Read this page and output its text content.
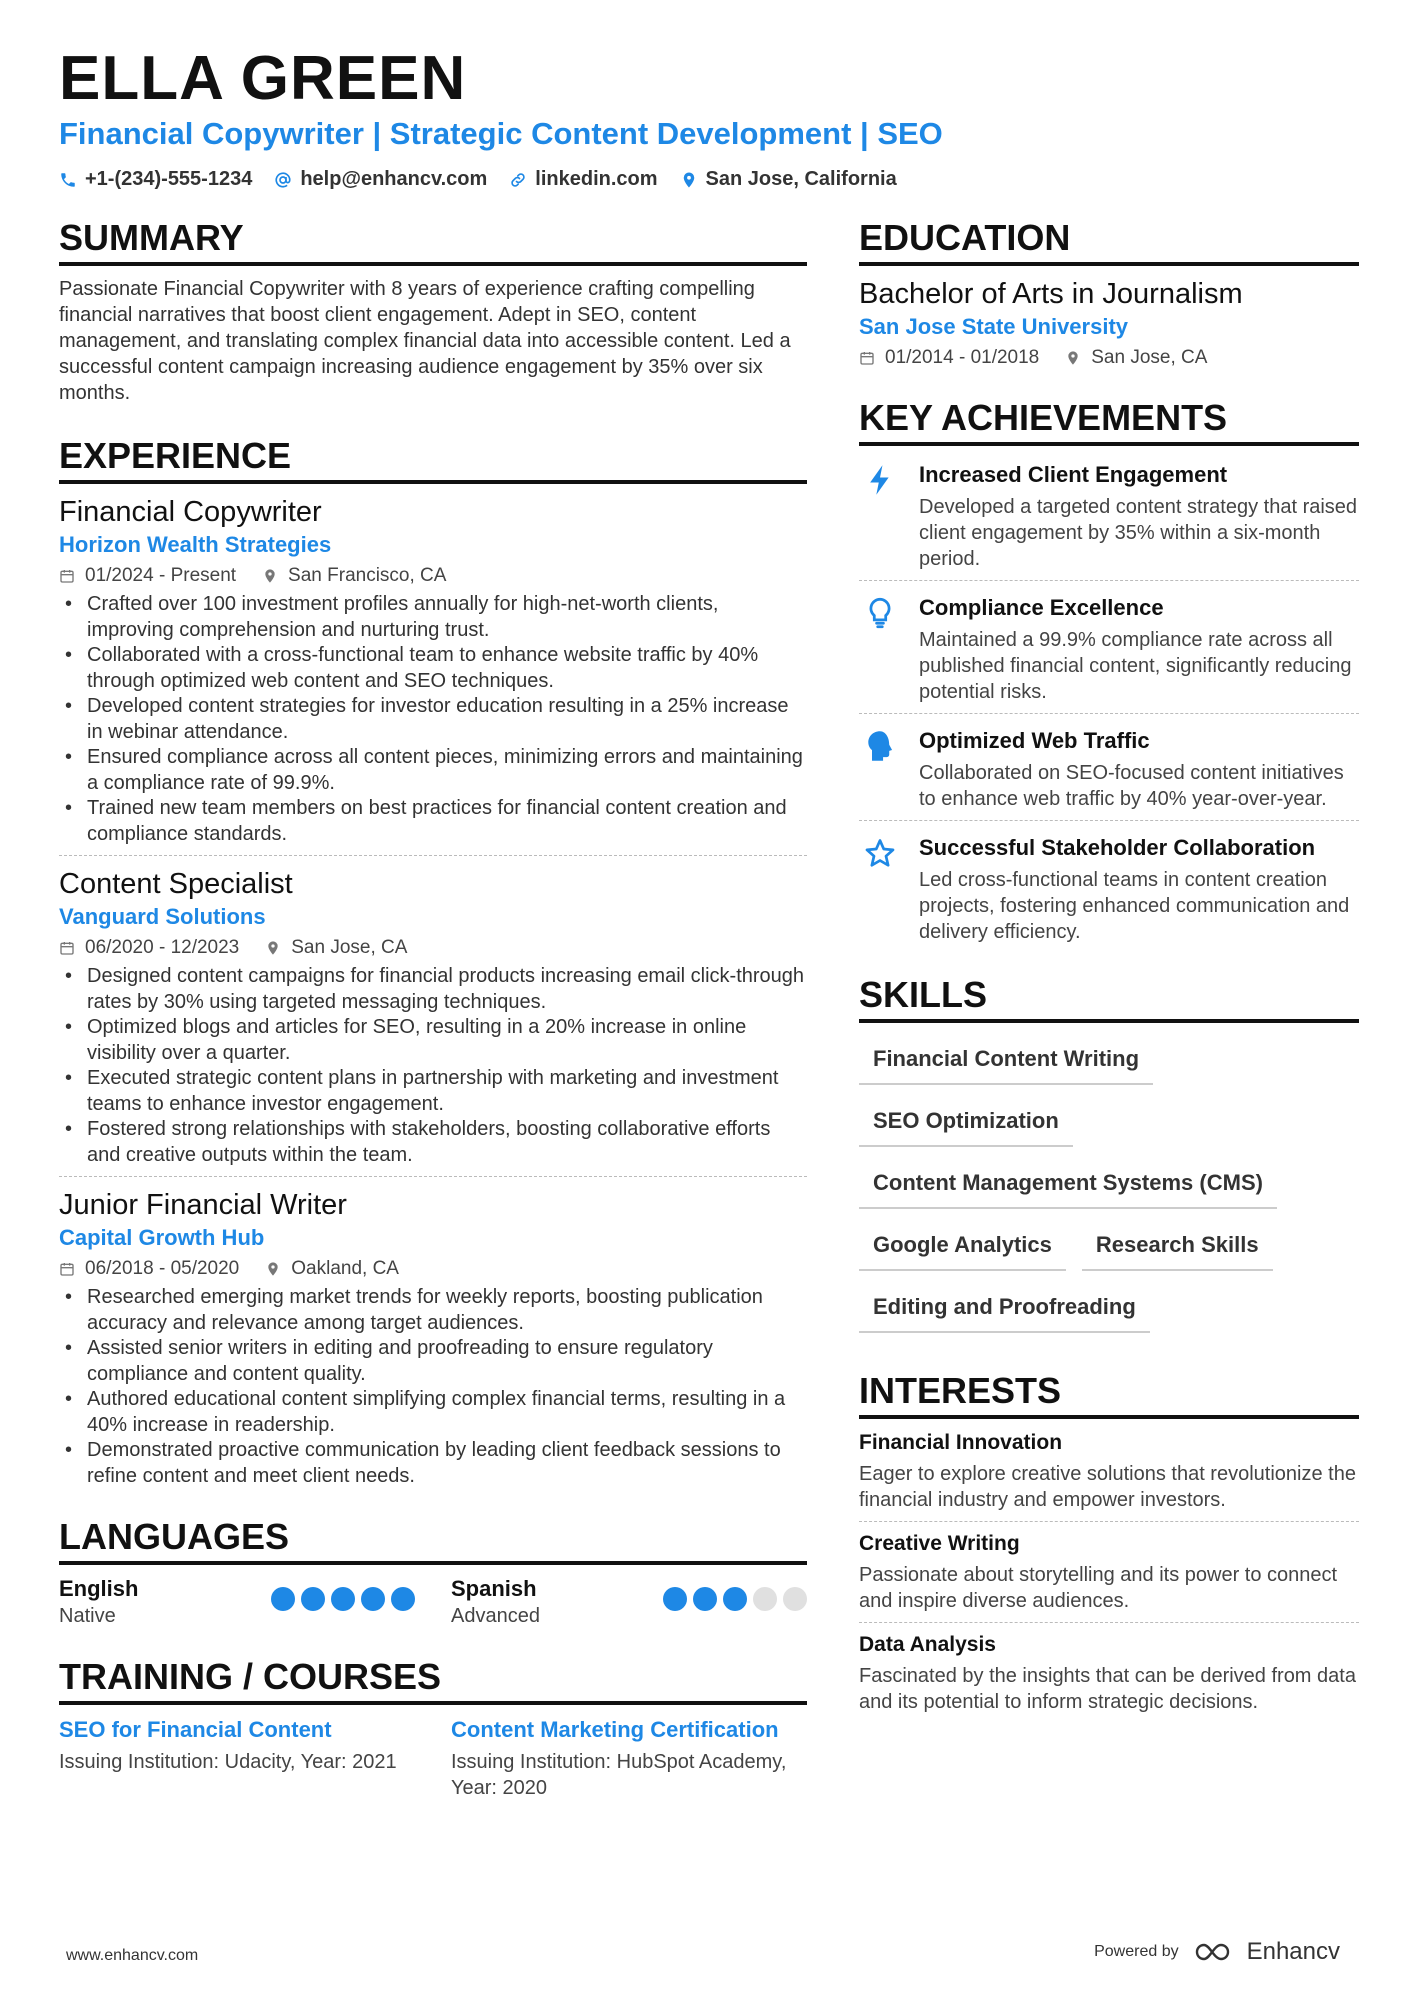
ELLA GREEN
Financial Copywriter | Strategic Content Development | SEO
+1-(234)-555-1234 help@enhancv.com linkedin.com San Jose, California
SUMMARY
Passionate Financial Copywriter with 8 years of experience crafting compelling financial narratives that boost client engagement. Adept in SEO, content management, and translating complex financial data into accessible content. Led a successful content campaign increasing audience engagement by 35% over six months.
EXPERIENCE
Financial Copywriter
Horizon Wealth Strategies
01/2024 - Present	San Francisco, CA
• Crafted over 100 investment profiles annually for high-net-worth clients, improving comprehension and nurturing trust.
• Collaborated with a cross-functional team to enhance website traffic by 40% through optimized web content and SEO techniques.
• Developed content strategies for investor education resulting in a 25% increase in webinar attendance.
• Ensured compliance across all content pieces, minimizing errors and maintaining a compliance rate of 99.9%.
• Trained new team members on best practices for financial content creation and compliance standards.
Content Specialist
Vanguard Solutions
06/2020 - 12/2023	San Jose, CA
• Designed content campaigns for financial products increasing email click-through rates by 30% using targeted messaging techniques.
• Optimized blogs and articles for SEO, resulting in a 20% increase in online visibility over a quarter.
• Executed strategic content plans in partnership with marketing and investment teams to enhance investor engagement.
• Fostered strong relationships with stakeholders, boosting collaborative efforts and creative outputs within the team.
Junior Financial Writer
Capital Growth Hub
06/2018 - 05/2020	Oakland, CA
• Researched emerging market trends for weekly reports, boosting publication accuracy and relevance among target audiences.
• Assisted senior writers in editing and proofreading to ensure regulatory compliance and content quality.
• Authored educational content simplifying complex financial terms, resulting in a 40% increase in readership.
• Demonstrated proactive communication by leading client feedback sessions to refine content and meet client needs.
LANGUAGES
English
Native
Spanish
Advanced
TRAINING / COURSES
SEO for Financial Content
Issuing Institution: Udacity, Year: 2021
Content Marketing Certification
Issuing Institution: HubSpot Academy, Year: 2020
EDUCATION
Bachelor of Arts in Journalism
San Jose State University
01/2014 - 01/2018	San Jose, CA
KEY ACHIEVEMENTS
Increased Client Engagement
Developed a targeted content strategy that raised client engagement by 35% within a six-month period.
Compliance Excellence
Maintained a 99.9% compliance rate across all published financial content, significantly reducing potential risks.
Optimized Web Traffic
Collaborated on SEO-focused content initiatives to enhance web traffic by 40% year-over-year.
Successful Stakeholder Collaboration
Led cross-functional teams in content creation projects, fostering enhanced communication and delivery efficiency.
SKILLS
Financial Content Writing
SEO Optimization
Content Management Systems (CMS)
Google Analytics	Research Skills
Editing and Proofreading
INTERESTS
Financial Innovation
Eager to explore creative solutions that revolutionize the financial industry and empower investors.
Creative Writing
Passionate about storytelling and its power to connect and inspire diverse audiences.
Data Analysis
Fascinated by the insights that can be derived from data and its potential to inform strategic decisions.
www.enhancv.com	Powered by	Enhancv
